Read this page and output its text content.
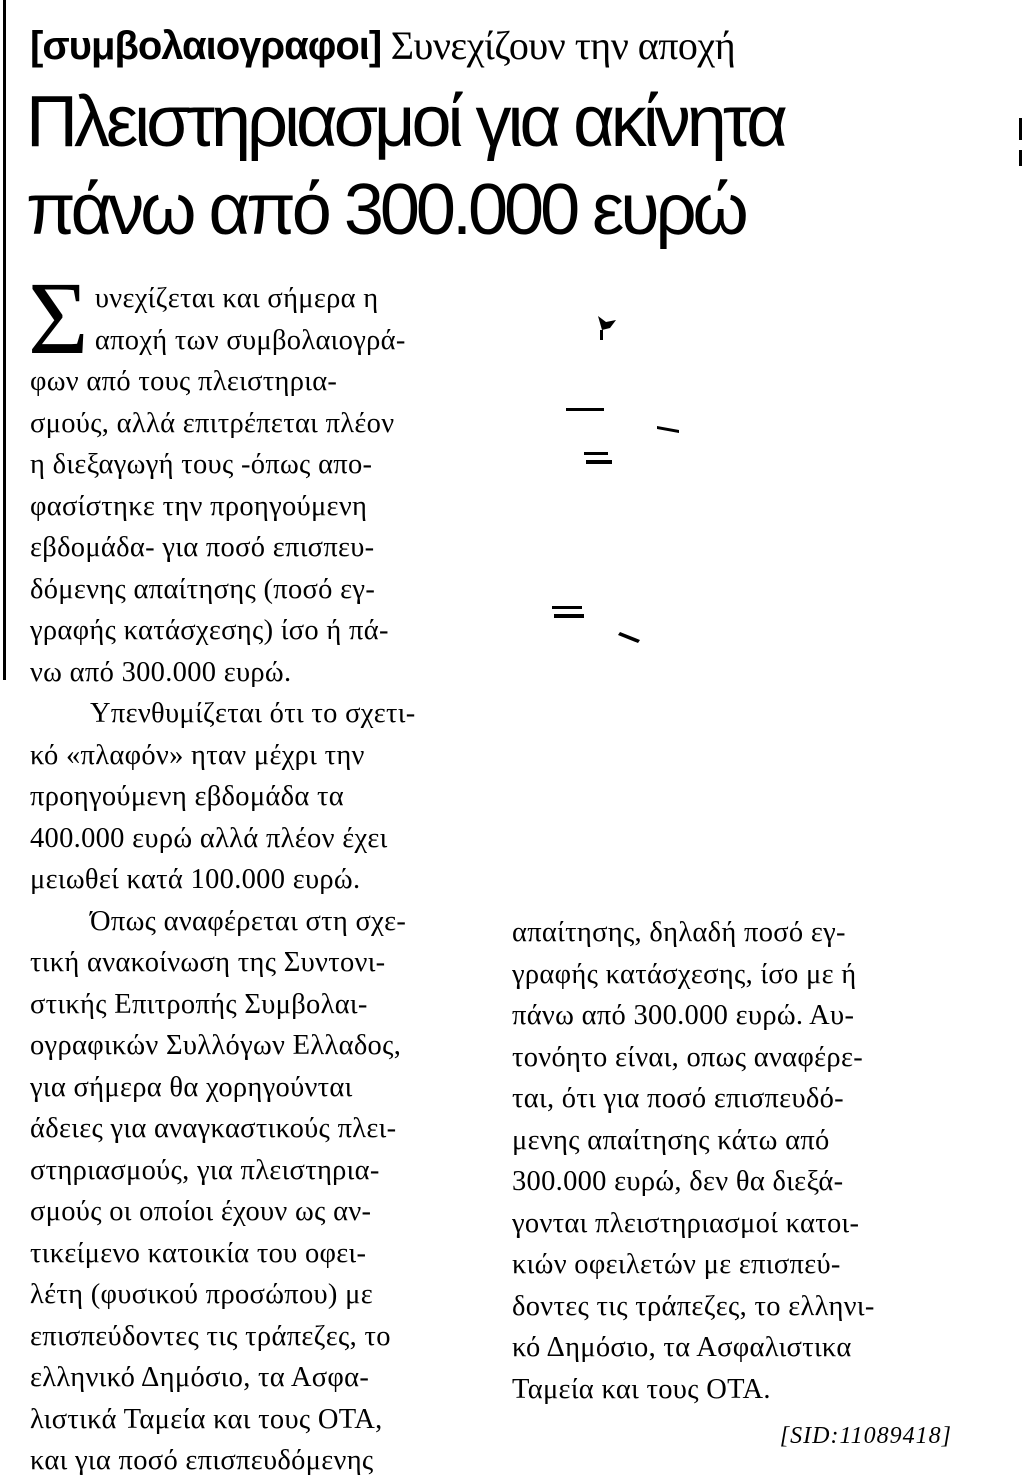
[συμβολαιογραφοι] Συνεχίζουν την αποχή
Πλειστηριασμοί για ακίνητα
πάνω από 300.000 ευρώ

Σ υνεχίζεται και σήμερα η
αποχή των συμβολαιογρά-
φων από τους πλειστηρια-
σμούς, αλλά επιτρέπεται πλέον
η διεξαγωγή τους -όπως απο-
φασίστηκε την προηγούμενη
εβδομάδα- για ποσό επισπευ-
δόμενης απαίτησης (ποσό εγ-
γραφής κατάσχεσης) ίσο ή πά-
νω από 300.000 ευρώ.

Υπενθυμίζεται ότι το σχετι-
κό «πλαφόν» ηταν μέχρι την
προηγούμενη εβδομάδα τα
400.000 ευρώ αλλά πλέον έχει
μειωθεί κατά 100.000 ευρώ.

Όπως αναφέρεται στη σχε-
τική ανακοίνωση της Συντονι-
στικής Επιτροπής Συμβολαι-
ογραφικών Συλλόγων Ελλαδος,
για σήμερα θα χορηγούνται
άδειες για αναγκαστικούς πλει-
στηριασμούς, για πλειστηρια-
σμούς οι οποίοι έχουν ως αν-
τικείμενο κατοικία του οφει-
λέτη (φυσικού προσώπου) με
επισπεύδοντες τις τράπεζες, το
ελληνικό Δημόσιο, τα Ασφα-
λιστικά Ταμεία και τους ΟΤΑ,
και για ποσό επισπευδόμενης

απαίτησης, δηλαδή ποσό εγ-
γραφής κατάσχεσης, ίσο με ή
πάνω από 300.000 ευρώ. Αυ-
τονόητο είναι, οπως αναφέρε-
ται, ότι για ποσό επισπευδό-
μενης απαίτησης κάτω από
300.000 ευρώ, δεν θα διεξά-
γονται πλειστηριασμοί κατοι-
κιών οφειλετών με επισπεύ-
δοντες τις τράπεζες, το ελληνι-
κό Δημόσιο, τα Ασφαλιστικα
Ταμεία και τους ΟΤΑ.

[SID:11089418]
